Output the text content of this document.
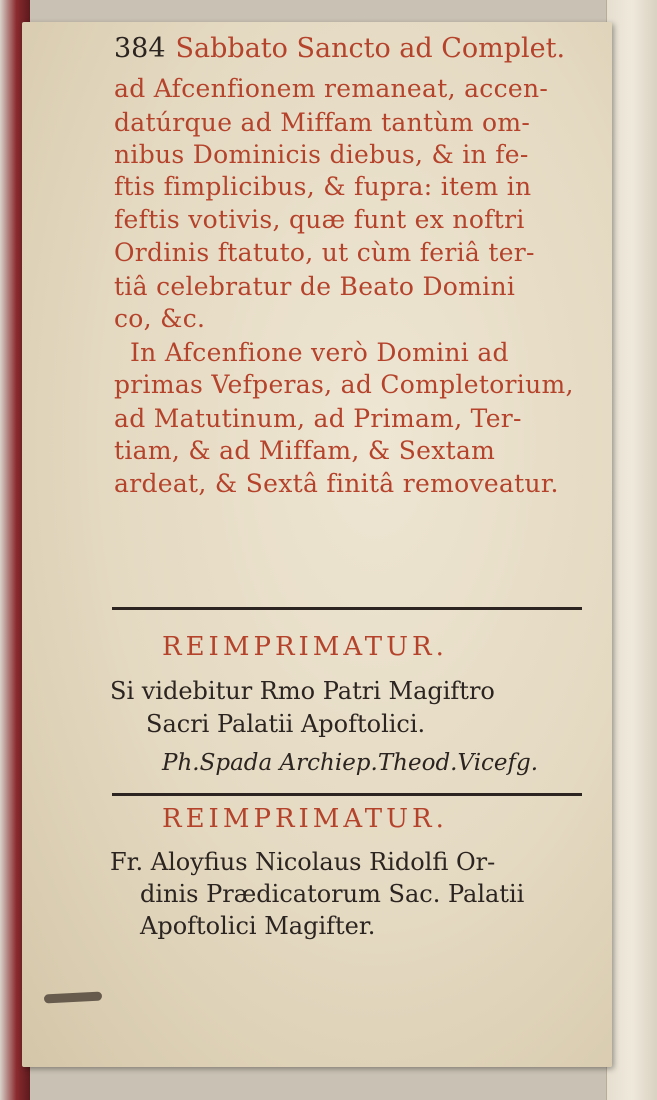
384 Sabbato Sancto ad Complet.
ad Afcenfionem remaneat, accen-
datúrque ad Miffam tantùm om-
nibus Dominicis diebus, & in fe-
ftis fimplicibus, & fupra: item in
feftis votivis, quæ funt ex noftri
Ordinis ftatuto, ut cùm feriâ ter-
tiâ celebratur de Beato Domini
co, &c.
In Afcenfione verò Domini ad
primas Vefperas, ad Completorium,
ad Matutinum, ad Primam, Ter-
tiam, & ad Miffam, & Sextam
ardeat, & Sextâ finitâ removeatur.
REIMPRIMATUR.
Si videbitur Rmo Patri Magiftro
Sacri Palatii Apoftolici.
Ph.Spada Archiep.Theod.Vicefg.
REIMPRIMATUR.
Fr. Aloyfius Nicolaus Ridolfi Or-
dinis Prædicatorum Sac. Palatii
Apoftolici Magifter.
